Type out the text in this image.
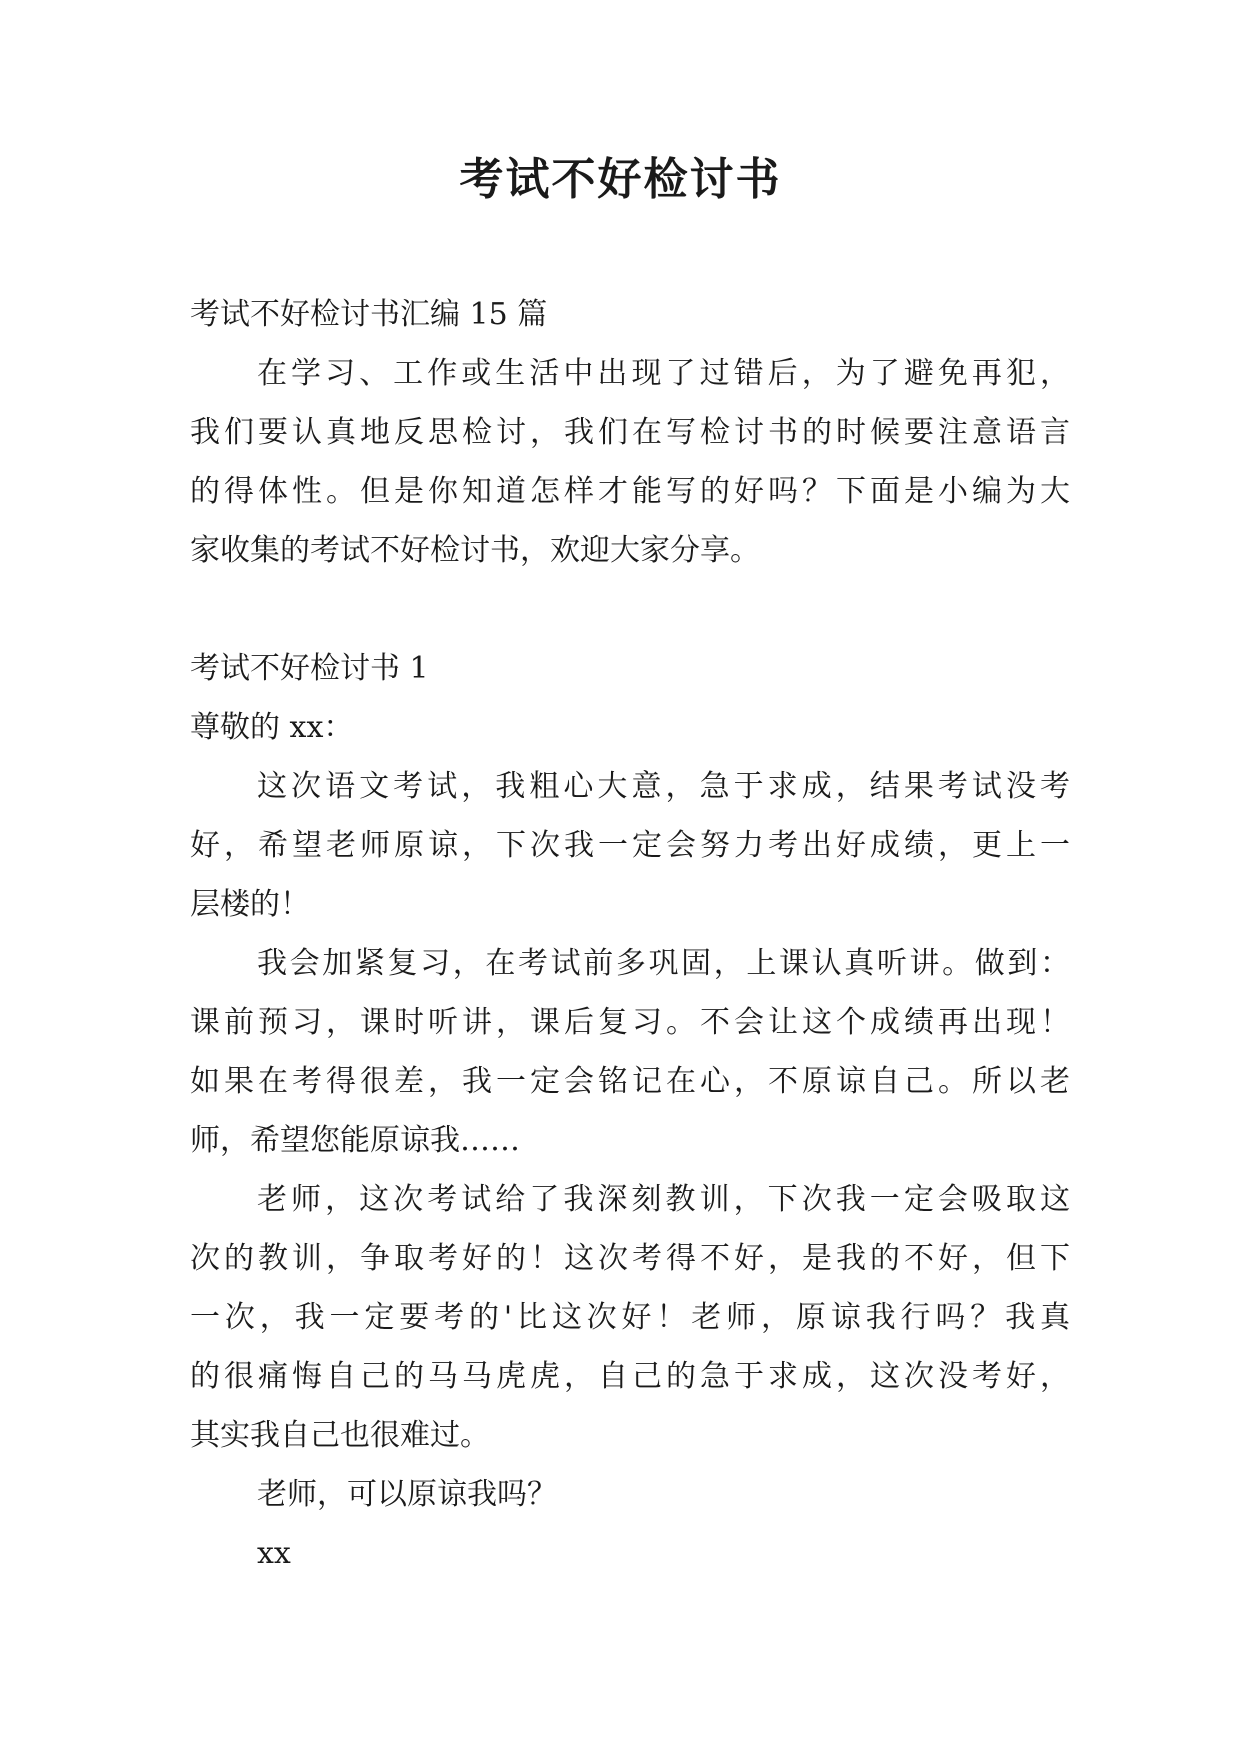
考试不好检讨书
考试不好检讨书汇编 15 篇
在学习、工作或生活中出现了过错后，为了避免再犯，
我们要认真地反思检讨，我们在写检讨书的时候要注意语言
的得体性。但是你知道怎样才能写的好吗？下面是小编为大
家收集的考试不好检讨书，欢迎大家分享。
考试不好检讨书 1
尊敬的 xx：
这次语文考试，我粗心大意，急于求成，结果考试没考
好，希望老师原谅，下次我一定会努力考出好成绩，更上一
层楼的！
我会加紧复习，在考试前多巩固，上课认真听讲。做到：
课前预习，课时听讲，课后复习。不会让这个成绩再出现！
如果在考得很差，我一定会铭记在心，不原谅自己。所以老
师，希望您能原谅我……
老师，这次考试给了我深刻教训，下次我一定会吸取这
次的教训，争取考好的！这次考得不好，是我的不好，但下
一次，我一定要考的'比这次好！老师，原谅我行吗？我真
的很痛悔自己的马马虎虎，自己的急于求成，这次没考好，
其实我自己也很难过。
老师，可以原谅我吗？
xx
